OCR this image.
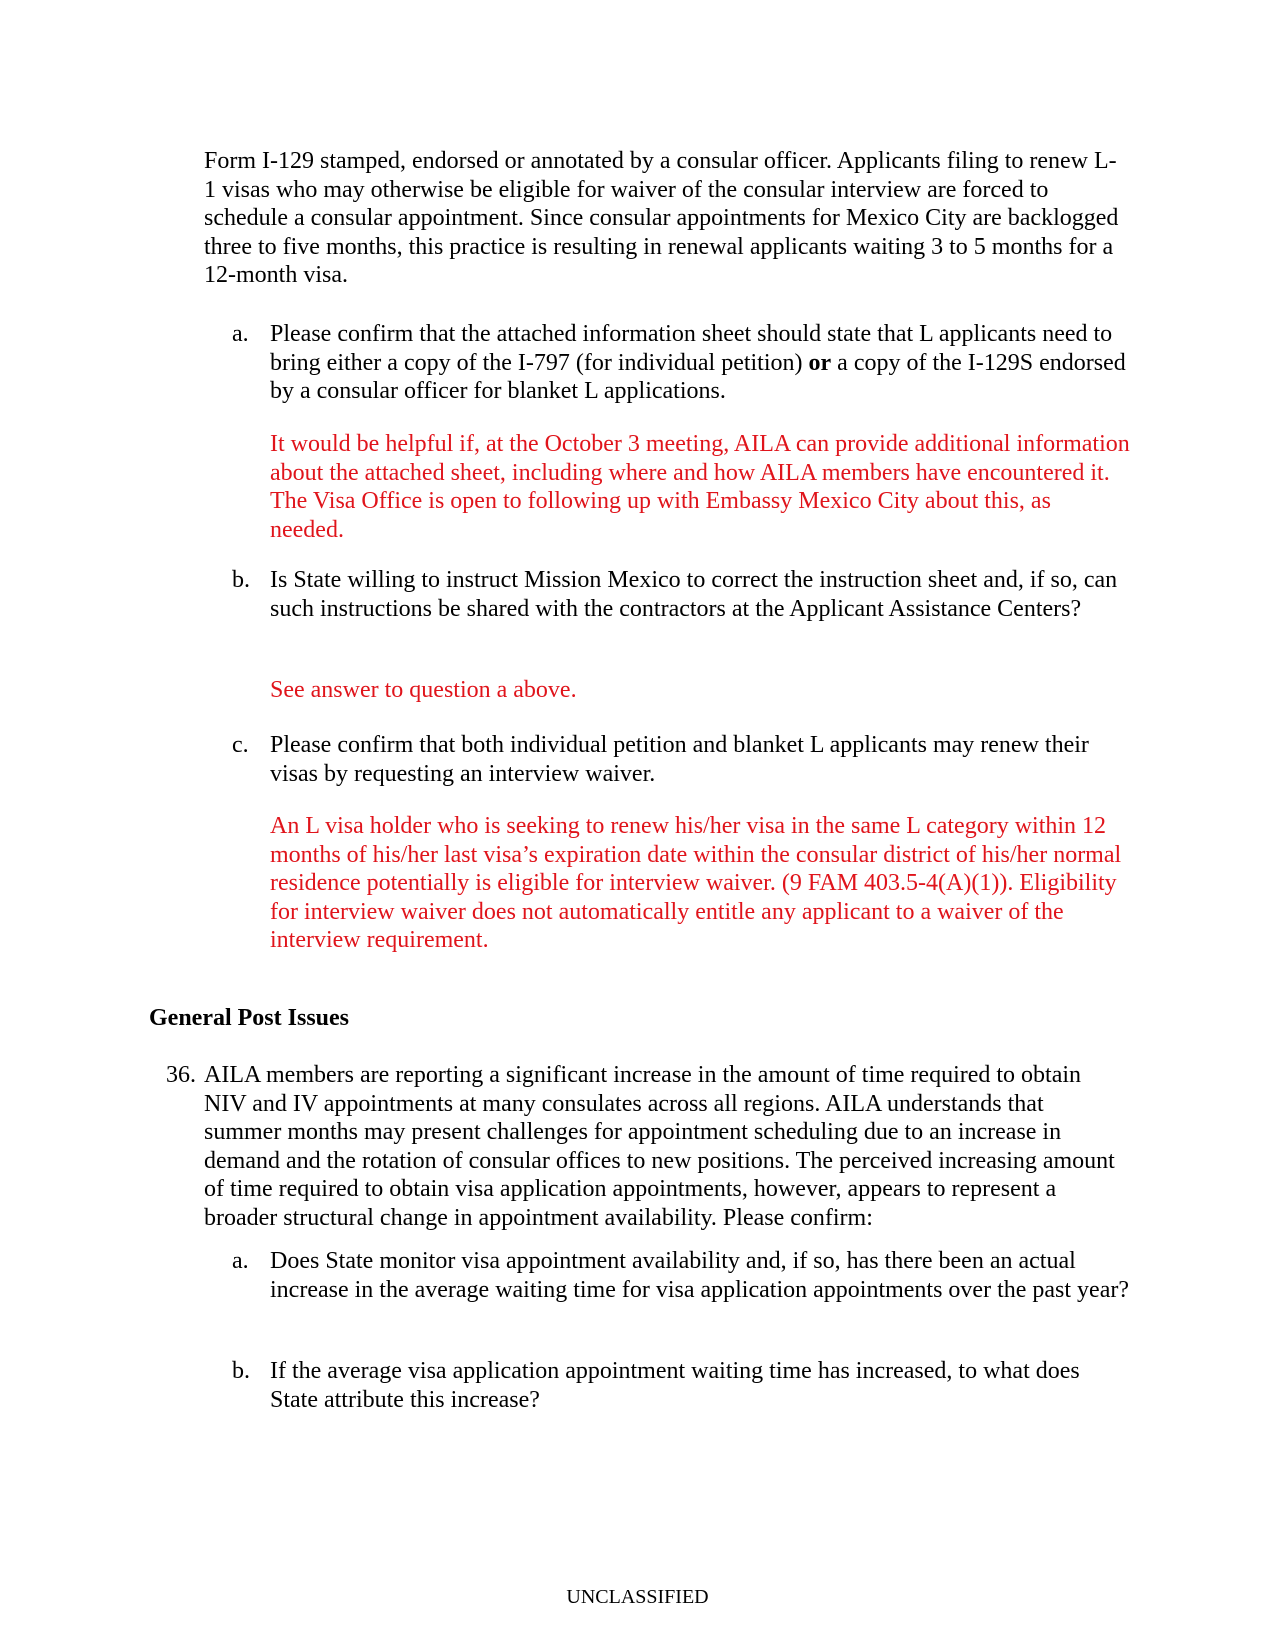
Form I-129 stamped, endorsed or annotated by a consular officer. Applicants filing to renew L-1 visas who may otherwise be eligible for waiver of the consular interview are forced to schedule a consular appointment. Since consular appointments for Mexico City are backlogged three to five months, this practice is resulting in renewal applicants waiting 3 to 5 months for a 12-month visa.

a. Please confirm that the attached information sheet should state that L applicants need to bring either a copy of the I-797 (for individual petition) or a copy of the I-129S endorsed by a consular officer for blanket L applications.

It would be helpful if, at the October 3 meeting, AILA can provide additional information about the attached sheet, including where and how AILA members have encountered it. The Visa Office is open to following up with Embassy Mexico City about this, as needed.

b. Is State willing to instruct Mission Mexico to correct the instruction sheet and, if so, can such instructions be shared with the contractors at the Applicant Assistance Centers?

See answer to question a above.

c. Please confirm that both individual petition and blanket L applicants may renew their visas by requesting an interview waiver.

An L visa holder who is seeking to renew his/her visa in the same L category within 12 months of his/her last visa’s expiration date within the consular district of his/her normal residence potentially is eligible for interview waiver. (9 FAM 403.5-4(A)(1)). Eligibility for interview waiver does not automatically entitle any applicant to a waiver of the interview requirement.

General Post Issues
36. AILA members are reporting a significant increase in the amount of time required to obtain NIV and IV appointments at many consulates across all regions. AILA understands that summer months may present challenges for appointment scheduling due to an increase in demand and the rotation of consular offices to new positions. The perceived increasing amount of time required to obtain visa application appointments, however, appears to represent a broader structural change in appointment availability. Please confirm:
a. Does State monitor visa appointment availability and, if so, has there been an actual increase in the average waiting time for visa application appointments over the past year?
b. If the average visa application appointment waiting time has increased, to what does State attribute this increase?
UNCLASSIFIED
